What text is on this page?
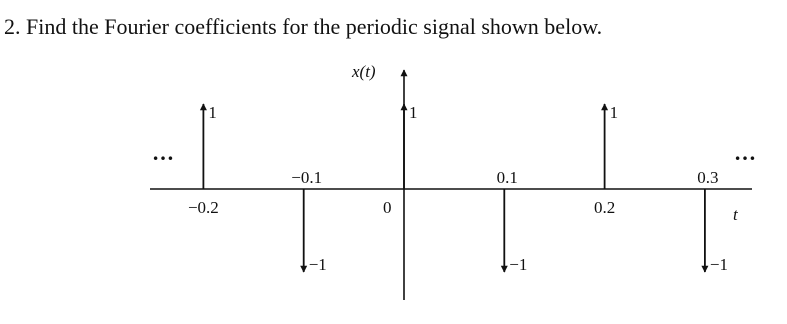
2. Find the Fourier coefficients for the periodic signal shown below.
x(t)
t
0
…	…
1
−0.2
−1
−0.1
1
−1
0.1
1
0.2
−1
0.3
